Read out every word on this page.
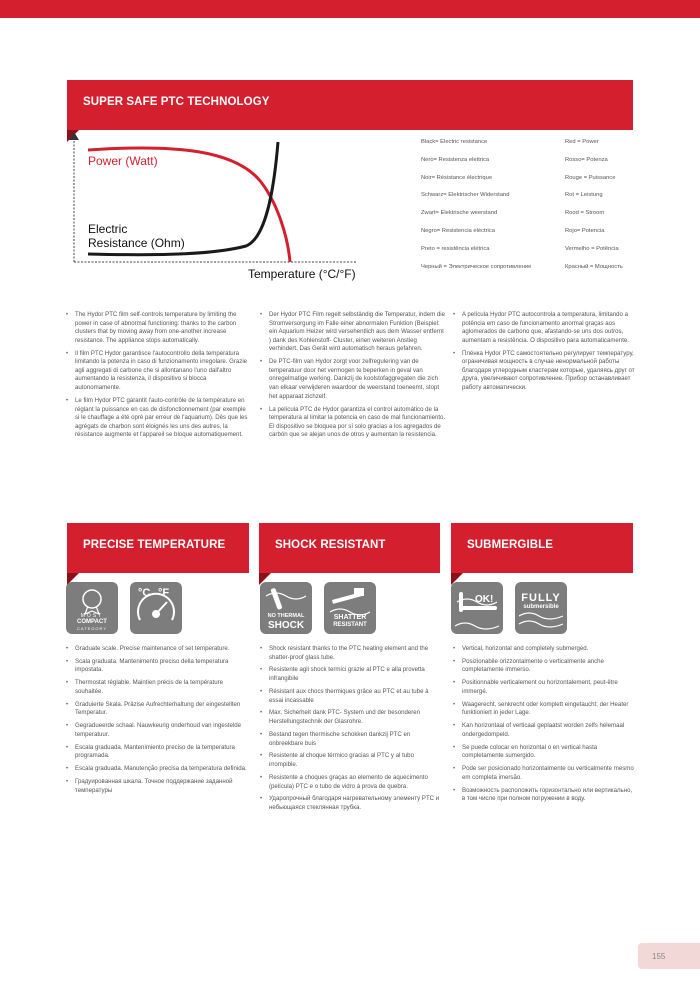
SUPER SAFE PTC TECHNOLOGY
Power (Watt)
Electric
Resistance (Ohm)
Temperature (°C/°F)
Black= Electric resistance
Nero= Resistenza elettrica
Noir= Résistance électrique
Schwarz= Elektrischer Widerstand
Zwart= Elektrische weerstand
Negro= Resistencia eléctrica
Preto = resistência elétrica
Черный = Электрическое сопротивление
Red = Power
Rosso= Potenza
Rouge = Puissance
Rot = Leistung
Rood = Stroom
Rojo= Potencia
Vermelho = Potência
Красный = Мощность
• The Hydor PTC film self-controls temperature by limiting the power in case of abnormal functioning: thanks to the carbon clusters that by moving away from one-another increase resistance. The appliance stops automatically.
• Il film PTC Hydor garantisce l'autocontrollo della temperatura limitando la potenza in caso di funzionamento irregolare. Grazie agli aggregati di carbone che si allontanano l'uno dall'altro aumentando la resistenza, il dispositivo si blocca autonomamente.
• Le film Hydor PTC garantit l'auto-contrôle de la température en réglant la puissance en cas de disfonctionnement (par exemple si le chauffage a été opré par erreur de l'aquarium). Dès que les agrégats de charbon sont éloignés les uns des autres, la résistance augmente et l'appareil se bloque automatiquement.
• Der Hydor PTC Film regelt selbständig die Temperatur, indem die Stromversorgung im Falle einer abnormalen Funktion (Beispiel: ein Aquarium Heizer wird versehentlich aus dem Wasser entfernt ) dank des Kohlenstoff- Cluster, einen weiteren Anstieg verhindert. Das Gerät wird automatisch heraus gefahren.
• De PTC-film van Hydor zorgt voor zelfregulering van de temperatuur door het vermogen te beperken in geval van onregelmatige werking. Dankzij de koolstofaggregaten die zich van elkaar verwijderen waardoor de weerstand toeneemt, stopt het apparaat zichzelf.
• La película PTC de Hydor garantiza el control automático de la temperatura al limitar la potencia en caso de mal funcionamiento. El dispositivo se bloquea por sí solo gracias a los agregados de carbón que se alejan unos de otros y aumentan la resistencia.
• A película Hydor PTC autocontrola a temperatura, limitando a potência em caso de funcionamento anormal graças aos aglomerados de carbono que, afastando-se uns dos outros, aumentam a resistência. O dispositivo para automaticamente.
• Плёнка Hydor PTC самостоятельно регулирует температуру, ограничивая мощность в случае ненормальной работы благодаря углеродным кластерам которые, удаляясь друг от друга, увеличивают сопротивление. Прибор останавливает работу автоматически.
PRECISE TEMPERATURE	SHOCK RESISTANT	SUBMERGIBLE
MOST
COMPACT
CATEGORY
°C °F
NO THERMAL
SHOCK
SHATTER
RESISTANT
OK!	FULLY
submersible
• Graduate scale. Precise maintenance of set temperature.
• Scala graduata. Mantenimento preciso della temperatura impostata.
• Thermostat réglable. Maintien précis de la température souhaitée.
• Graduierte Skala. Präzise Aufrechterhaltung der eingestellten Temperatur.
• Gegradueerde schaal. Nauwkeurig onderhoud van ingestelde temperatuur.
• Escala graduada. Mantenimiento preciso de la temperatura programada.
• Escala graduada. Manutenção precisa da temperatura definida.
• Градуированная шкала. Точное поддержание заданной температуры
• Shock resistant thanks to the PTC heating element and the shatter-proof glass tube.
• Resistente agli shock termici grazie al PTC e alla provetta infrangibile
• Résistant aux chocs thermiques grâce au PTC et au tube à essai incassable
• Max. Sicherheit dank PTC- System und der besonderen Herstellungstechnik der Glasrohre.
• Bestand tegen thermische schokken dankzij PTC en onbreekbare buis
• Resistente al choque térmico gracias al PTC y al tubo irrompible.
• Resistente a choques graças ao elemento de aquecimento (película) PTC e o tubo de vidro à prova de quebra.
• Ударопрочный благодаря нагревательному элементу PTC и небьющаяся стеклянная трубка.
• Vertical, horizontal and completely submerged.
• Posizionabile orizzontalmente o verticalmente anche completamente immerso.
• Positionnable verticalement ou horizontalement, peut-être immergé.
• Waagerecht, senkrecht oder komplett eingetaucht; der Heater funktioniert in jeder Lage.
• Kan horizontaal of verticaal geplaatst worden zelfs helemaal ondergedompeld.
• Se puede colocar en horizontal o en vertical hasta completamente sumergido.
• Pode ser posicionado horizontalmente ou verticalmente mesmo em completa imersão.
• Возможность расположить горизонтально или вертикально, в том числе при полном погружении в воду.
155
